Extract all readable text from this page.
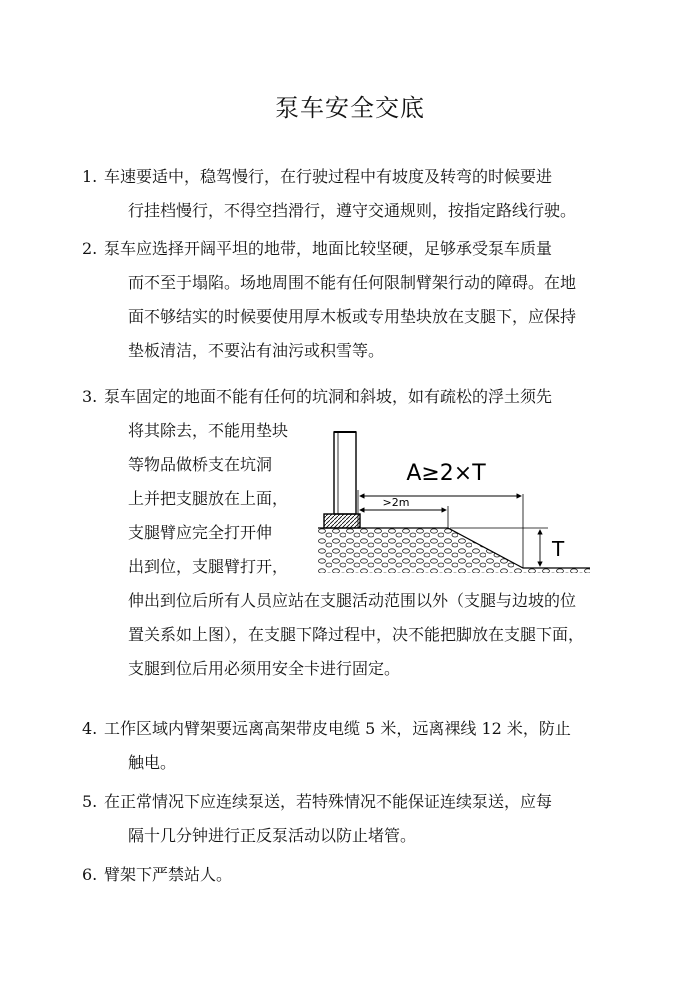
泵车安全交底
1. 车速要适中，稳驾慢行，在行驶过程中有坡度及转弯的时候要进
行挂档慢行，不得空挡滑行，遵守交通规则，按指定路线行驶。
2. 泵车应选择开阔平坦的地带，地面比较坚硬，足够承受泵车质量
而不至于塌陷。场地周围不能有任何限制臂架行动的障碍。在地
面不够结实的时候要使用厚木板或专用垫块放在支腿下，应保持
垫板清洁，不要沾有油污或积雪等。
3. 泵车固定的地面不能有任何的坑洞和斜坡，如有疏松的浮土须先
将其除去，不能用垫块
等物品做桥支在坑洞
上并把支腿放在上面，
支腿臂应完全打开伸
出到位，支腿臂打开，
伸出到位后所有人员应站在支腿活动范围以外（支腿与边坡的位
置关系如上图），在支腿下降过程中，决不能把脚放在支腿下面，
支腿到位后用必须用安全卡进行固定。
>2m
A≥2×T
T
4. 工作区域内臂架要远离高架带皮电缆 5 米，远离裸线 12 米，防止
触电。
5. 在正常情况下应连续泵送，若特殊情况不能保证连续泵送，应每
隔十几分钟进行正反泵活动以防止堵管。
6. 臂架下严禁站人。
